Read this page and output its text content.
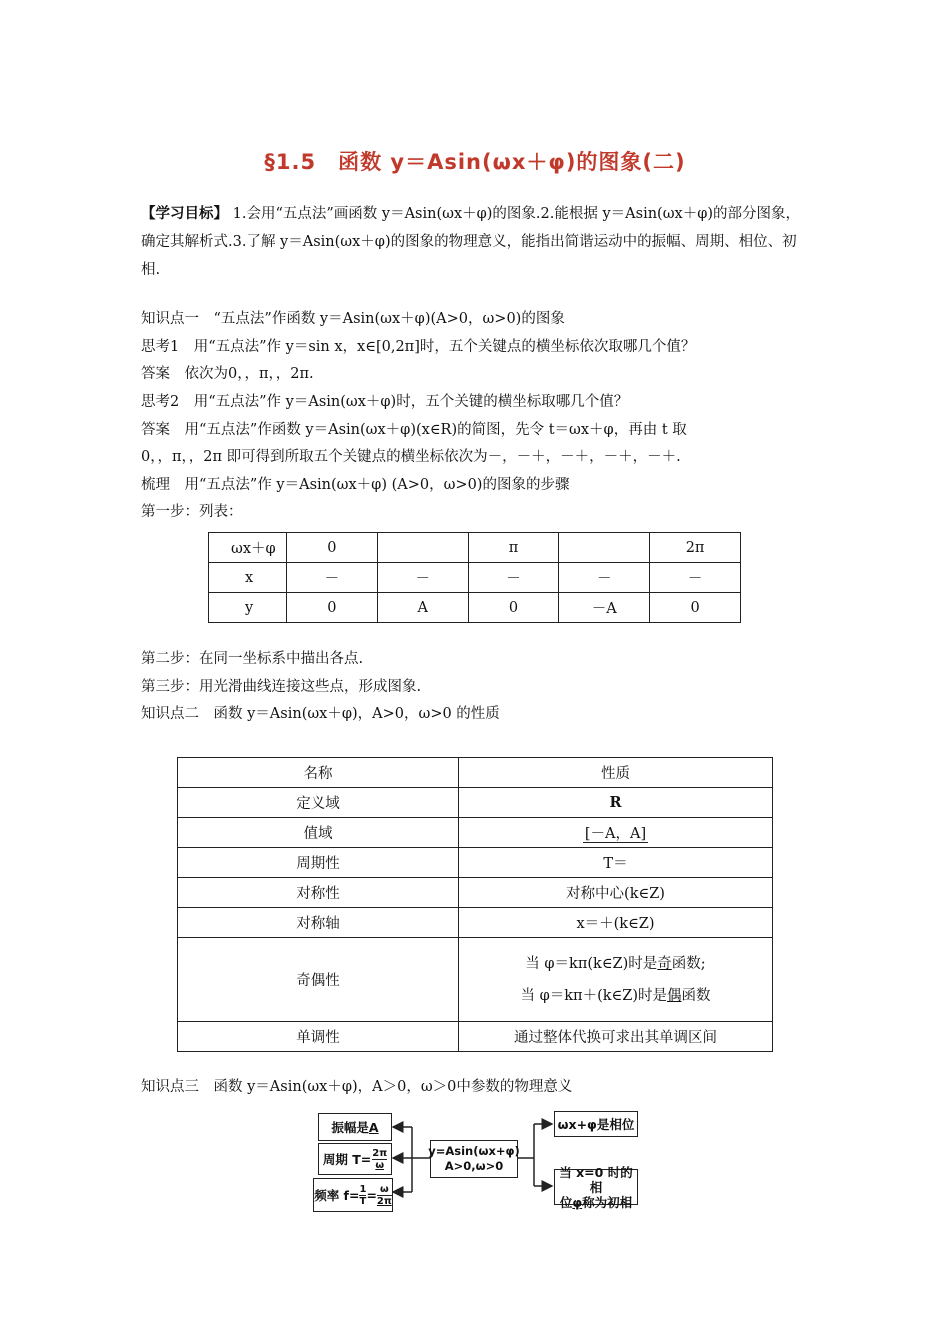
§1.5　函数 y＝Asin(ωx＋φ)的图象(二)
【学习目标】 1.会用“五点法”画函数 y＝Asin(ωx＋φ)的图象.2.能根据 y＝Asin(ωx＋φ)的部分图象，确定其解析式.3.了解 y＝Asin(ωx＋φ)的图象的物理意义，能指出简谐运动中的振幅、周期、相位、初相.
知识点一　“五点法”作函数 y＝Asin(ωx＋φ)(A>0，ω>0)的图象
思考1　用“五点法”作 y＝sin x，x∈[0,2π]时，五个关键点的横坐标依次取哪几个值？
答案　依次为0，，π，，2π.
思考2　用“五点法”作 y＝Asin(ωx＋φ)时，五个关键的横坐标取哪几个值？
答案　用“五点法”作函数 y＝Asin(ωx＋φ)(x∈R)的简图，先令 t＝ωx＋φ，再由 t 取
0，，π，，2π 即可得到所取五个关键点的横坐标依次为－，－＋，－＋，－＋，－＋.
梳理　用“五点法”作 y＝Asin(ωx＋φ) (A>0，ω>0)的图象的步骤
第一步：列表：
ωx＋φ	0		π		2π
x	－	－	－	－	－
y	0	A	0	－A	0
第二步：在同一坐标系中描出各点.
第三步：用光滑曲线连接这些点，形成图象.
知识点二　函数 y＝Asin(ωx＋φ)，A>0，ω>0 的性质
名称	性质
定义域	R
值域	[－A，A]
周期性	T＝
对称性	对称中心(k∈Z)
对称轴	x＝＋(k∈Z)
奇偶性	当 φ＝kπ(k∈Z)时是奇函数;
当 φ＝kπ＋(k∈Z)时是偶函数

单调性	通过整体代换可求出其单调区间
知识点三　函数 y＝Asin(ωx＋φ)，A＞0，ω＞0中参数的物理意义
y=Asin(ωx+φ)
A>0,ω>0
振幅是 A
周期 $T= \frac{2\pi}{\omega}$
频率 $f= \frac{1}{T} = \frac{\omega}{2\pi}$
ωx+φ是相位
当 x=0 时的相
位φ称为初相
